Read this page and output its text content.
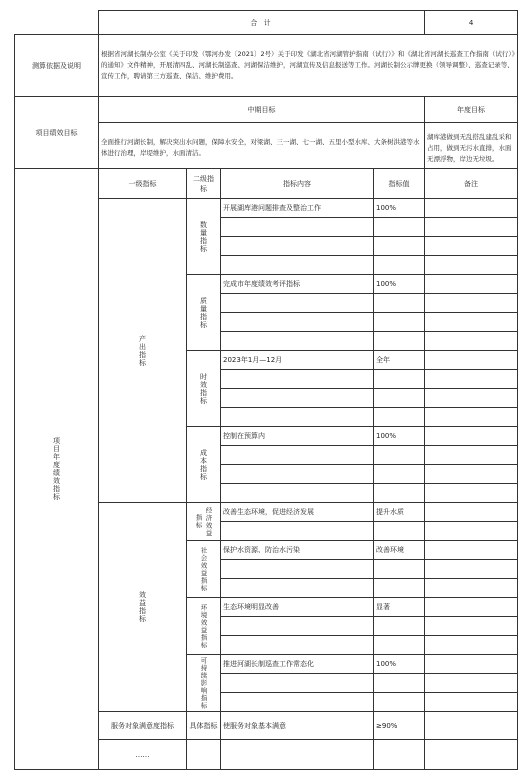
	合 计				4
测算依据及说明	根据省河湖长制办公室《关于印发（鄂河办发〔2021〕2号）关于印发《湖北省河湖管护指南（试行）》和《湖北省河湖长巡查工作指南（试行）》的通知》文件精神，开展清四乱、河湖长制巡查、河湖保洁维护，河湖宣传及信息报送等工作。河湖长制公示牌更换（领导调整）、巡查记录等、宣传工作，聘请第三方巡查、保洁、维护费用。				
项目绩效目标	中期目标				年度目标

	全面推行河湖长制，解决突出水问题，保障水安全，对梁湖、三一湖、七一湖、五里小型水库、大条树洪港等水体进行治理，岸堤维护，水面清洁。				湖库港做到无乱搭乱建乱采和占用，做到无污水直排，水面无漂浮物，岸边无垃圾。

项目年度绩效指标	一级指标	二级指标	指标内容	指标值	备注

	产出指标	数量指标	开展湖库港问题排查及整治工作	100%	

		质量指标	完成市年度绩效考评指标	100%	

		时效指标	2023年1月—12月	全年	

		成本指标	控制在预算内	100%	

	效益指标	经济效益指标	改善生态环境，促进经济发展	提升水质	

		社会效益指标	保护水资源、防治水污染	改善环境	

		环境效益指标	生态环境明显改善	显著	

		可持续影响指标	推进河湖长制巡查工作常态化	100%	

	服务对象满意度指标	具体指标	使服务对象基本满意	≥90%	
	……				
